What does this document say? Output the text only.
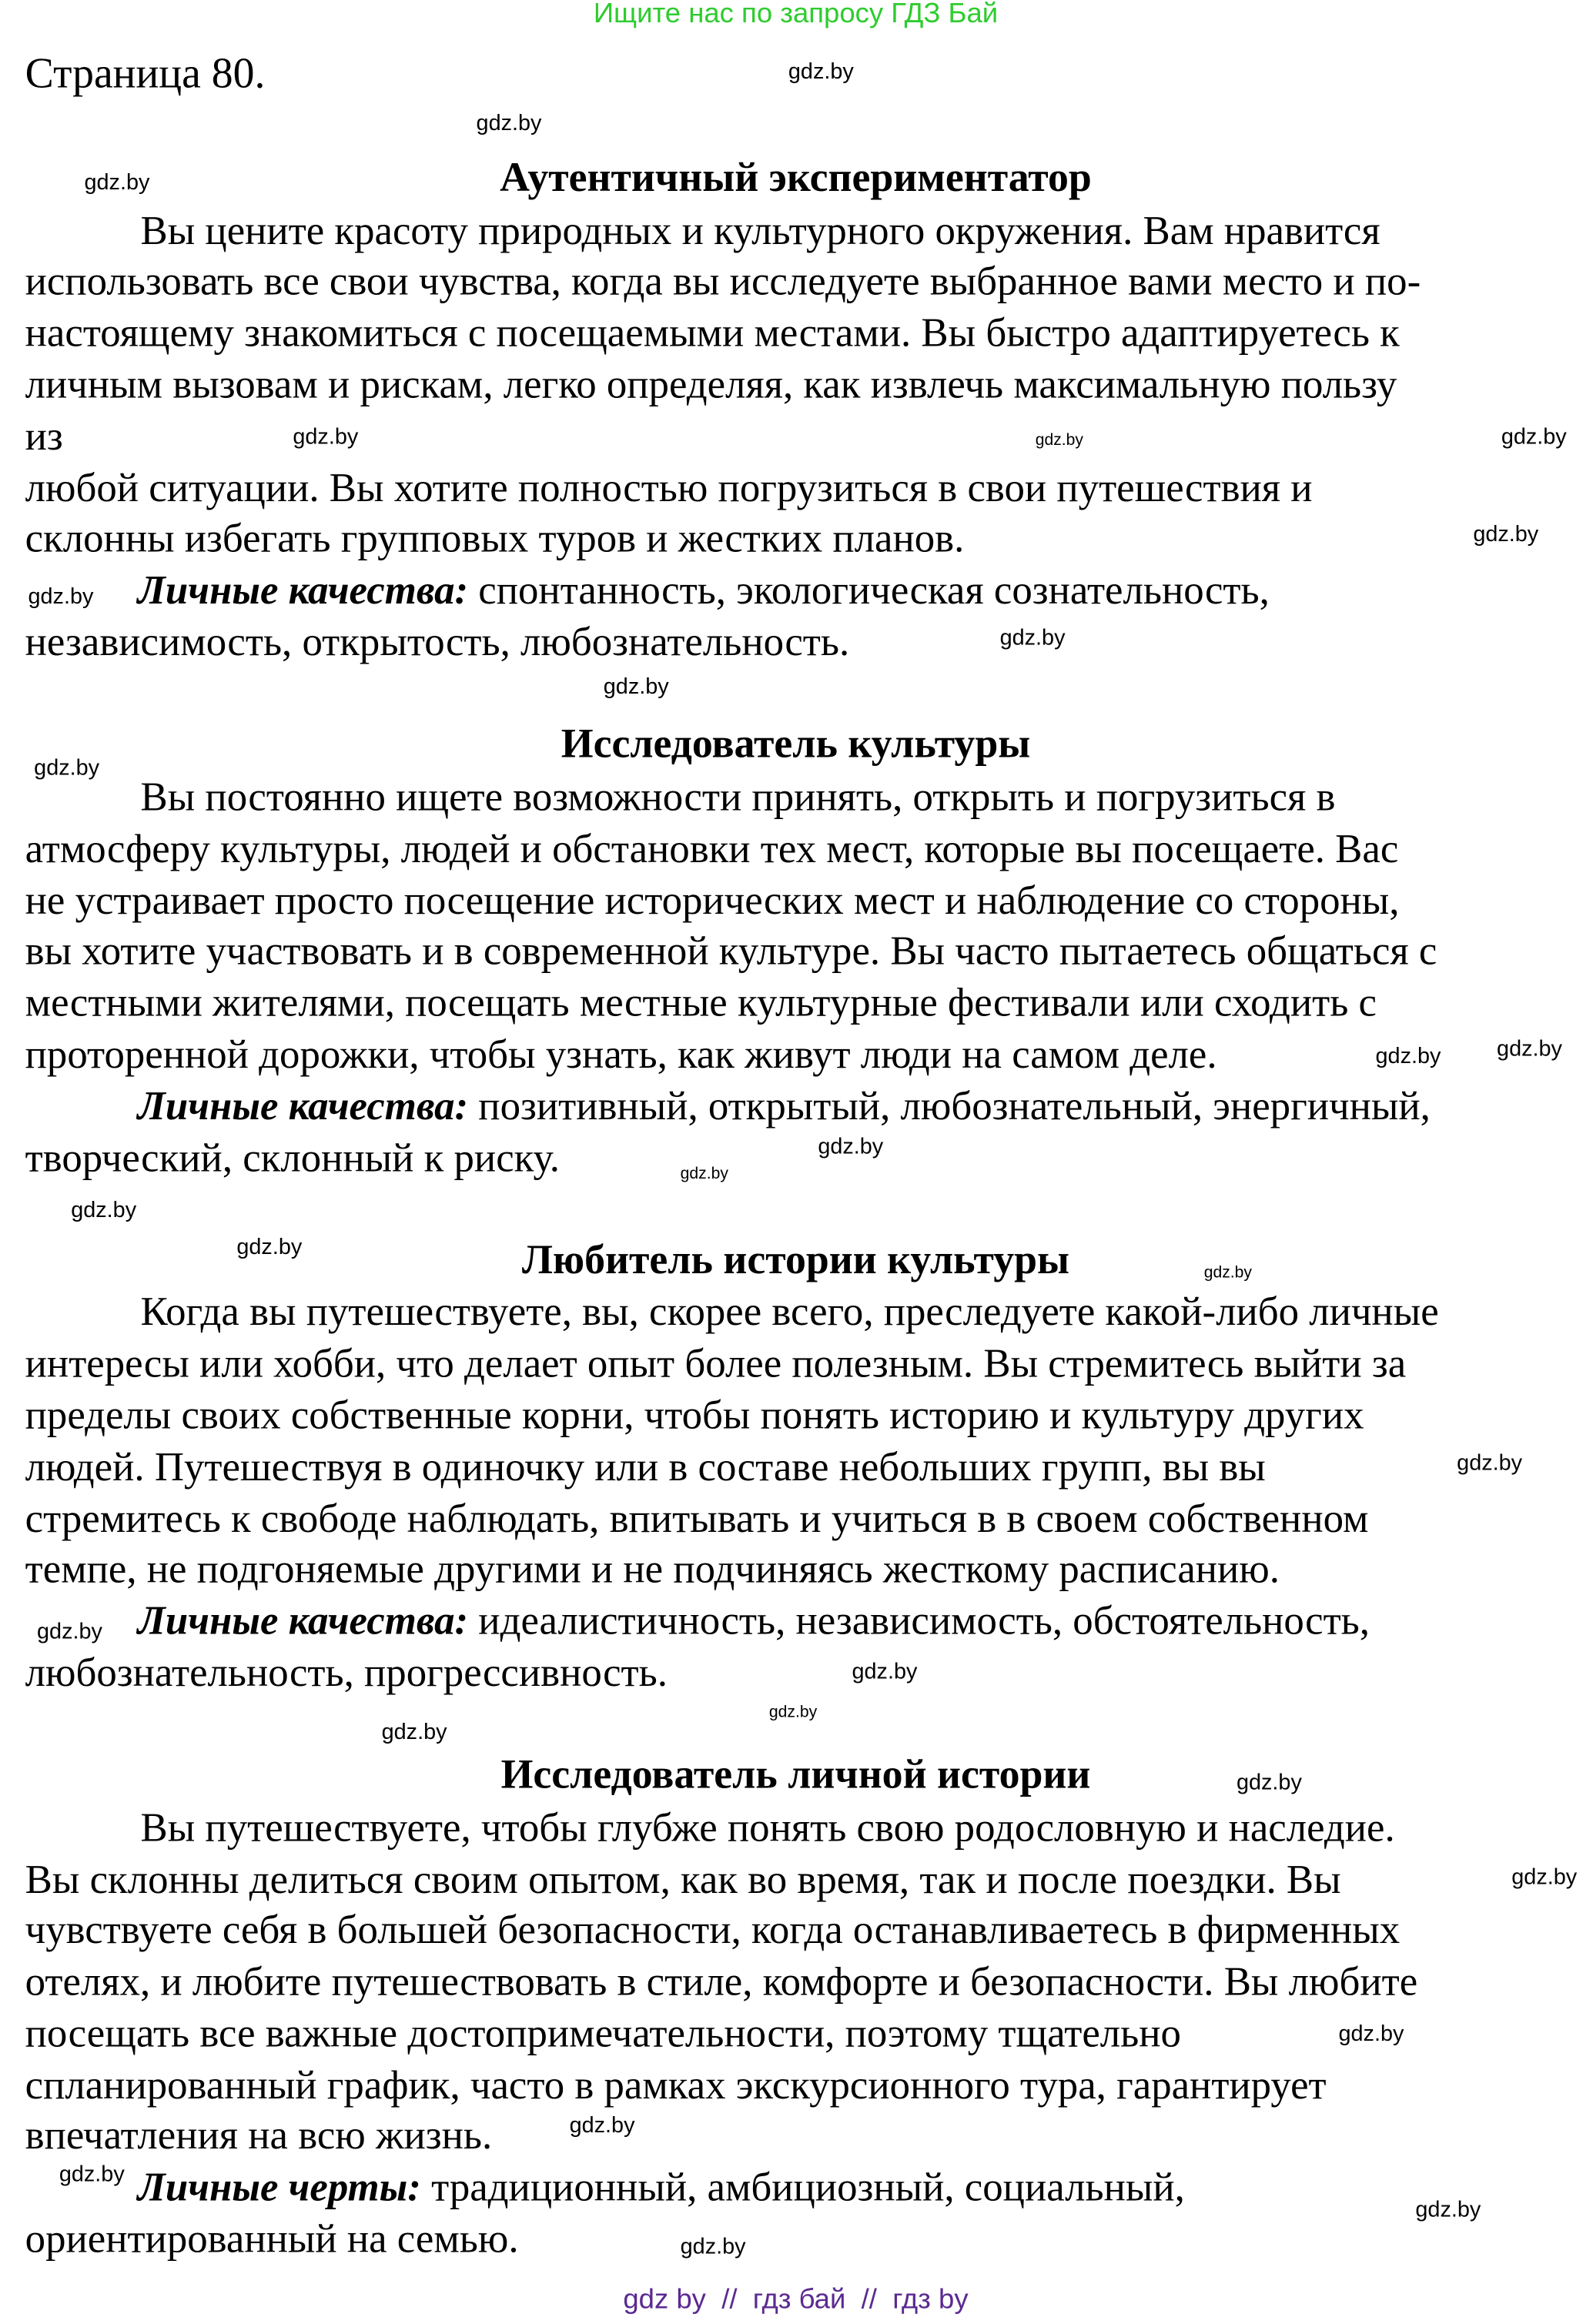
Ищите нас по запросу ГДЗ Бай
Страница 80.
Аутентичный экспериментатор
Вы цените красоту природных и культурного окружения. Вам нравится
использовать все свои чувства, когда вы исследуете выбранное вами место и по-
настоящему знакомиться с посещаемыми местами. Вы быстро адаптируетесь к
личным вызовам и рискам, легко определяя, как извлечь максимальную пользу
из
любой ситуации. Вы хотите полностью погрузиться в свои путешествия и
склонны избегать групповых туров и жестких планов.
Личные качества: спонтанность, экологическая сознательность,
независимость, открытость, любознательность.
Исследователь культуры
Вы постоянно ищете возможности принять, открыть и погрузиться в
атмосферу культуры, людей и обстановки тех мест, которые вы посещаете. Вас
не устраивает просто посещение исторических мест и наблюдение со стороны,
вы хотите участвовать и в современной культуре. Вы часто пытаетесь общаться с
местными жителями, посещать местные культурные фестивали или сходить с
проторенной дорожки, чтобы узнать, как живут люди на самом деле.
Личные качества: позитивный, открытый, любознательный, энергичный,
творческий, склонный к риску.
Любитель истории культуры
Когда вы путешествуете, вы, скорее всего, преследуете какой-либо личные
интересы или хобби, что делает опыт более полезным. Вы стремитесь выйти за
пределы своих собственные корни, чтобы понять историю и культуру других
людей. Путешествуя в одиночку или в составе небольших групп, вы вы
стремитесь к свободе наблюдать, впитывать и учиться в в своем собственном
темпе, не подгоняемые другими и не подчиняясь жесткому расписанию.
Личные качества: идеалистичность, независимость, обстоятельность,
любознательность, прогрессивность.
Исследователь личной истории
Вы путешествуете, чтобы глубже понять свою родословную и наследие.
Вы склонны делиться своим опытом, как во время, так и после поездки. Вы
чувствуете себя в большей безопасности, когда останавливаетесь в фирменных
отелях, и любите путешествовать в стиле, комфорте и безопасности. Вы любите
посещать все важные достопримечательности, поэтому тщательно
спланированный график, часто в рамках экскурсионного тура, гарантирует
впечатления на всю жизнь.
Личные черты: традиционный, амбициозный, социальный,
ориентированный на семью.
gdz.by
gdz.by
gdz.by
gdz.by
gdz.by
gdz.by
gdz.by
gdz.by
gdz.by
gdz.by
gdz.by
gdz.by
gdz.by
gdz.by
gdz.by
gdz.by
gdz.by
gdz.by
gdz.by
gdz.by
gdz.by
gdz.by
gdz.by
gdz.by
gdz.by
gdz.by
gdz.by
gdz.by
gdz.by
gdz.by
gdz by  //  гдз бай  //  гдз by
